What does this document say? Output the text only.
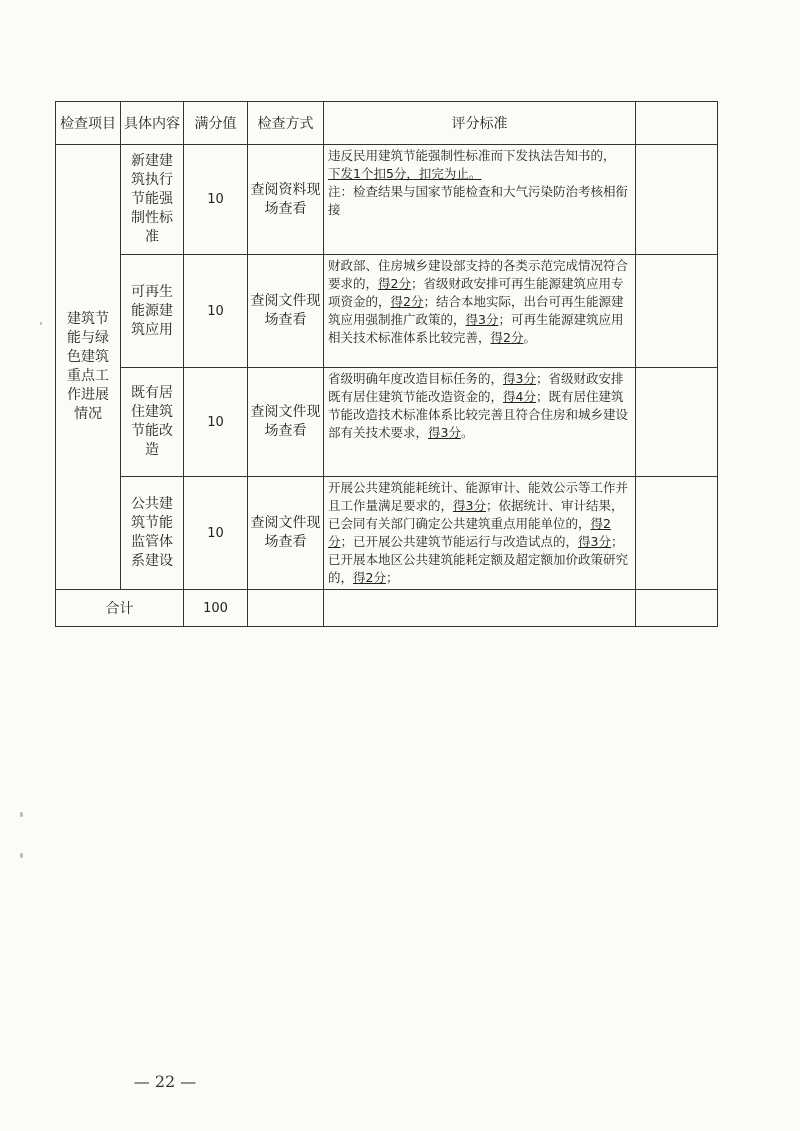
检查项目	具体内容	满分值	检查方式	评分标准	
建筑节能与绿色建筑重点工作进展情况	新建建筑执行节能强制性标准	10	查阅资料现场查看	违反民用建筑节能强制性标准而下发执法告知书的，

下发1个扣5分，扣完为止。

注：检查结果与国家节能检查和大气污染防治考核相衔接	

	可再生能源建筑应用	10	查阅文件现场查看	财政部、住房城乡建设部支持的各类示范完成情况符合要求的，得2分；省级财政安排可再生能源建筑应用专项资金的，得2分；结合本地实际，出台可再生能源建筑应用强制推广政策的，得3分；可再生能源建筑应用相关技术标准体系比较完善，得2分。	
	既有居住建筑节能改造	10	查阅文件现场查看	省级明确年度改造目标任务的，得3分；省级财政安排既有居住建筑节能改造资金的，得4分；既有居住建筑节能改造技术标准体系比较完善且符合住房和城乡建设部有关技术要求，得3分。	
	公共建筑节能监管体系建设	10	查阅文件现场查看	开展公共建筑能耗统计、能源审计、能效公示等工作并且工作量满足要求的，得3分；依据统计、审计结果，已会同有关部门确定公共建筑重点用能单位的，得2分；已开展公共建筑节能运行与改造试点的，得3分；已开展本地区公共建筑能耗定额及超定额加价政策研究的，得2分；	
合计		100			
— 22 —
